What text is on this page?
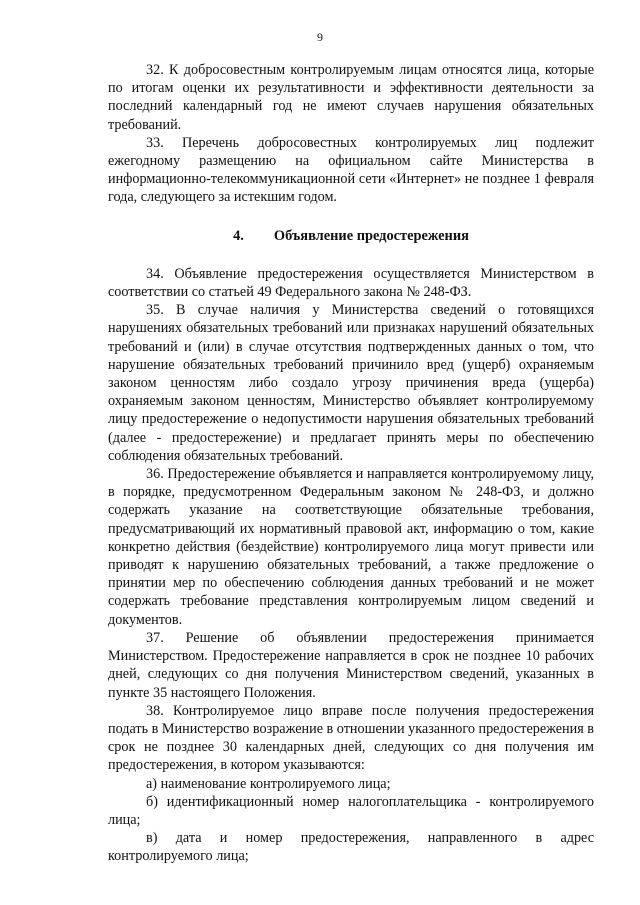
9

32. К добросовестным контролируемым лицам относятся лица, которые по итогам оценки их результативности и эффективности деятельности за последний календарный год не имеют случаев нарушения обязательных требований.

33. Перечень добросовестных контролируемых лиц подлежит ежегодному размещению на официальном сайте Министерства в информационно-телекоммуникационной сети «Интернет» не позднее 1 февраля года, следующего за истекшим годом.

4. Объявление предостережения

34. Объявление предостережения осуществляется Министерством в соответствии со статьей 49 Федерального закона № 248-ФЗ.

35. В случае наличия у Министерства сведений о готовящихся нарушениях обязательных требований или признаках нарушений обязательных требований и (или) в случае отсутствия подтвержденных данных о том, что нарушение обязательных требований причинило вред (ущерб) охраняемым законом ценностям либо создало угрозу причинения вреда (ущерба) охраняемым законом ценностям, Министерство объявляет контролируемому лицу предостережение о недопустимости нарушения обязательных требований (далее - предостережение) и предлагает принять меры по обеспечению соблюдения обязательных требований.

36. Предостережение объявляется и направляется контролируемому лицу, в порядке, предусмотренном Федеральным законом № 248-ФЗ, и должно содержать указание на соответствующие обязательные требования, предусматривающий их нормативный правовой акт, информацию о том, какие конкретно действия (бездействие) контролируемого лица могут привести или приводят к нарушению обязательных требований, а также предложение о принятии мер по обеспечению соблюдения данных требований и не может содержать требование представления контролируемым лицом сведений и документов.

37. Решение об объявлении предостережения принимается Министерством. Предостережение направляется в срок не позднее 10 рабочих дней, следующих со дня получения Министерством сведений, указанных в пункте 35 настоящего Положения.

38. Контролируемое лицо вправе после получения предостережения подать в Министерство возражение в отношении указанного предостережения в срок не позднее 30 календарных дней, следующих со дня получения им предостережения, в котором указываются:

а) наименование контролируемого лица;

б) идентификационный номер налогоплательщика - контролируемого лица;

в) дата и номер предостережения, направленного в адрес контролируемого лица;
